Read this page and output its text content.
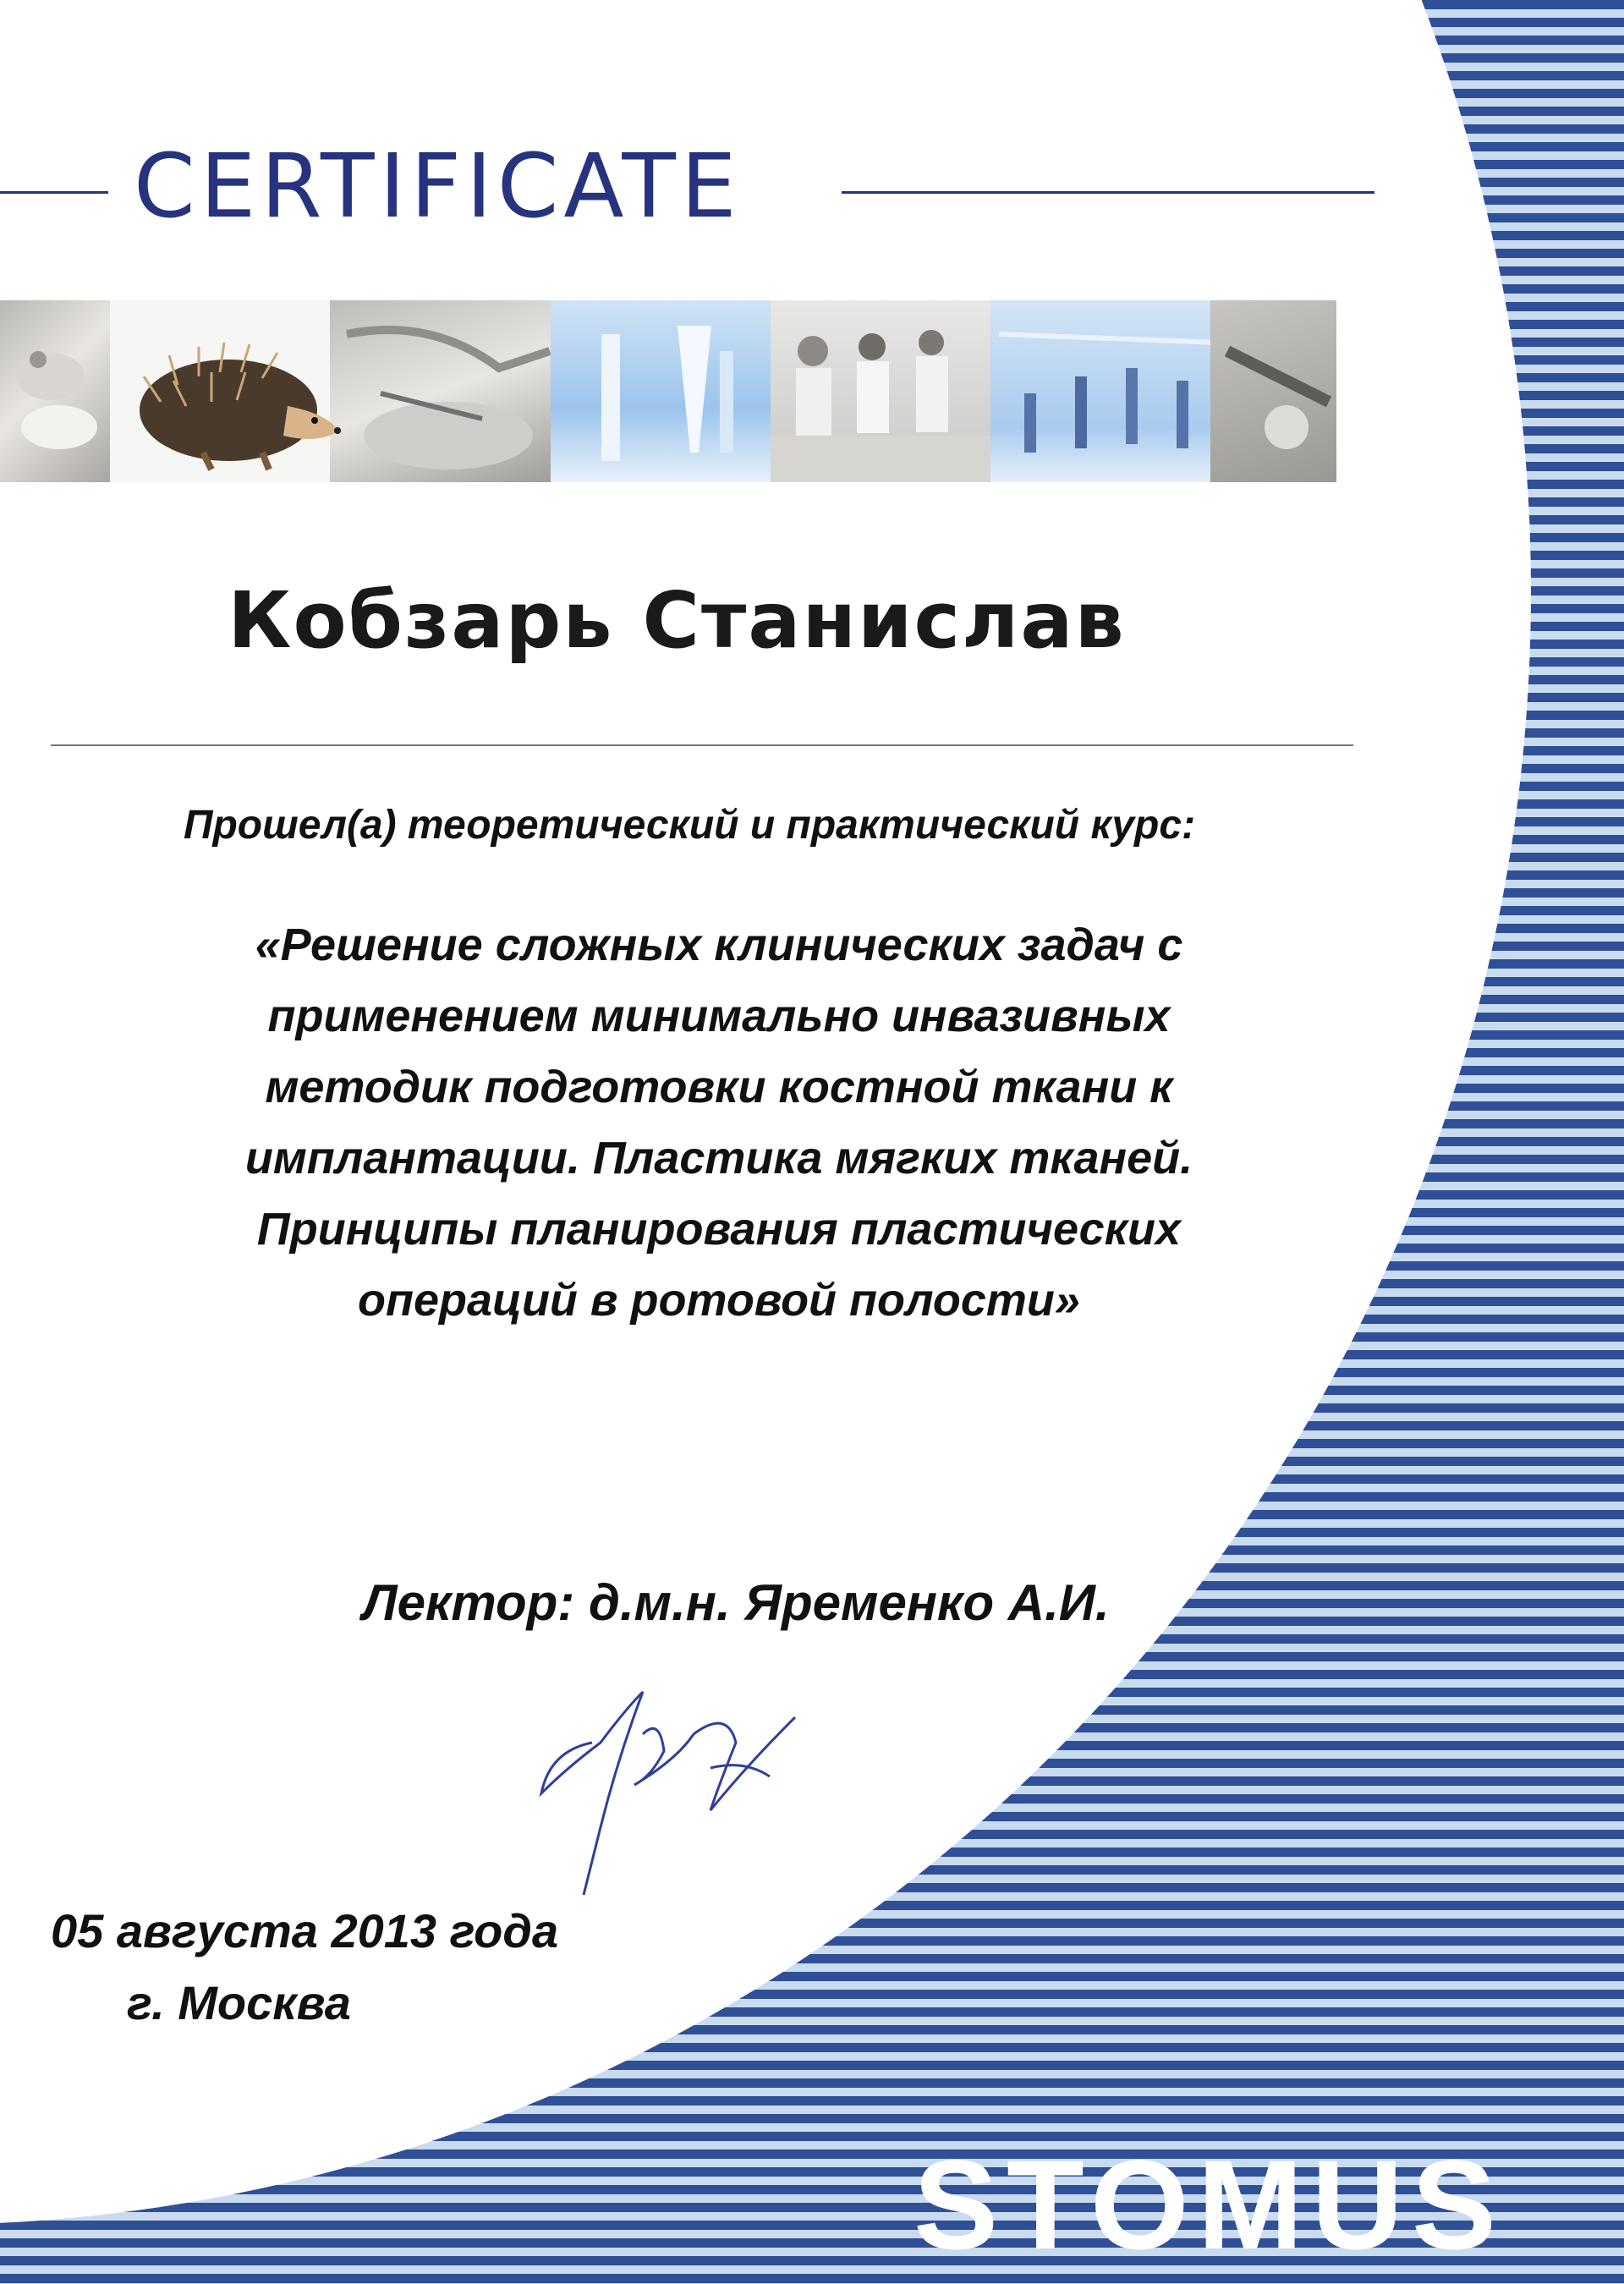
CERTIFICATE
Кобзарь Станислав
Прошел(а) теоретический и практический курс:
«Решение сложных клинических задач с
применением минимально инвазивных
методик подготовки костной ткани к
имплантации. Пластика мягких тканей.
Принципы планирования пластических
операций в ротовой полости»
Лектор: д.м.н. Яременко А.И.
05 августа 2013 года
г. Москва
STOMUS
